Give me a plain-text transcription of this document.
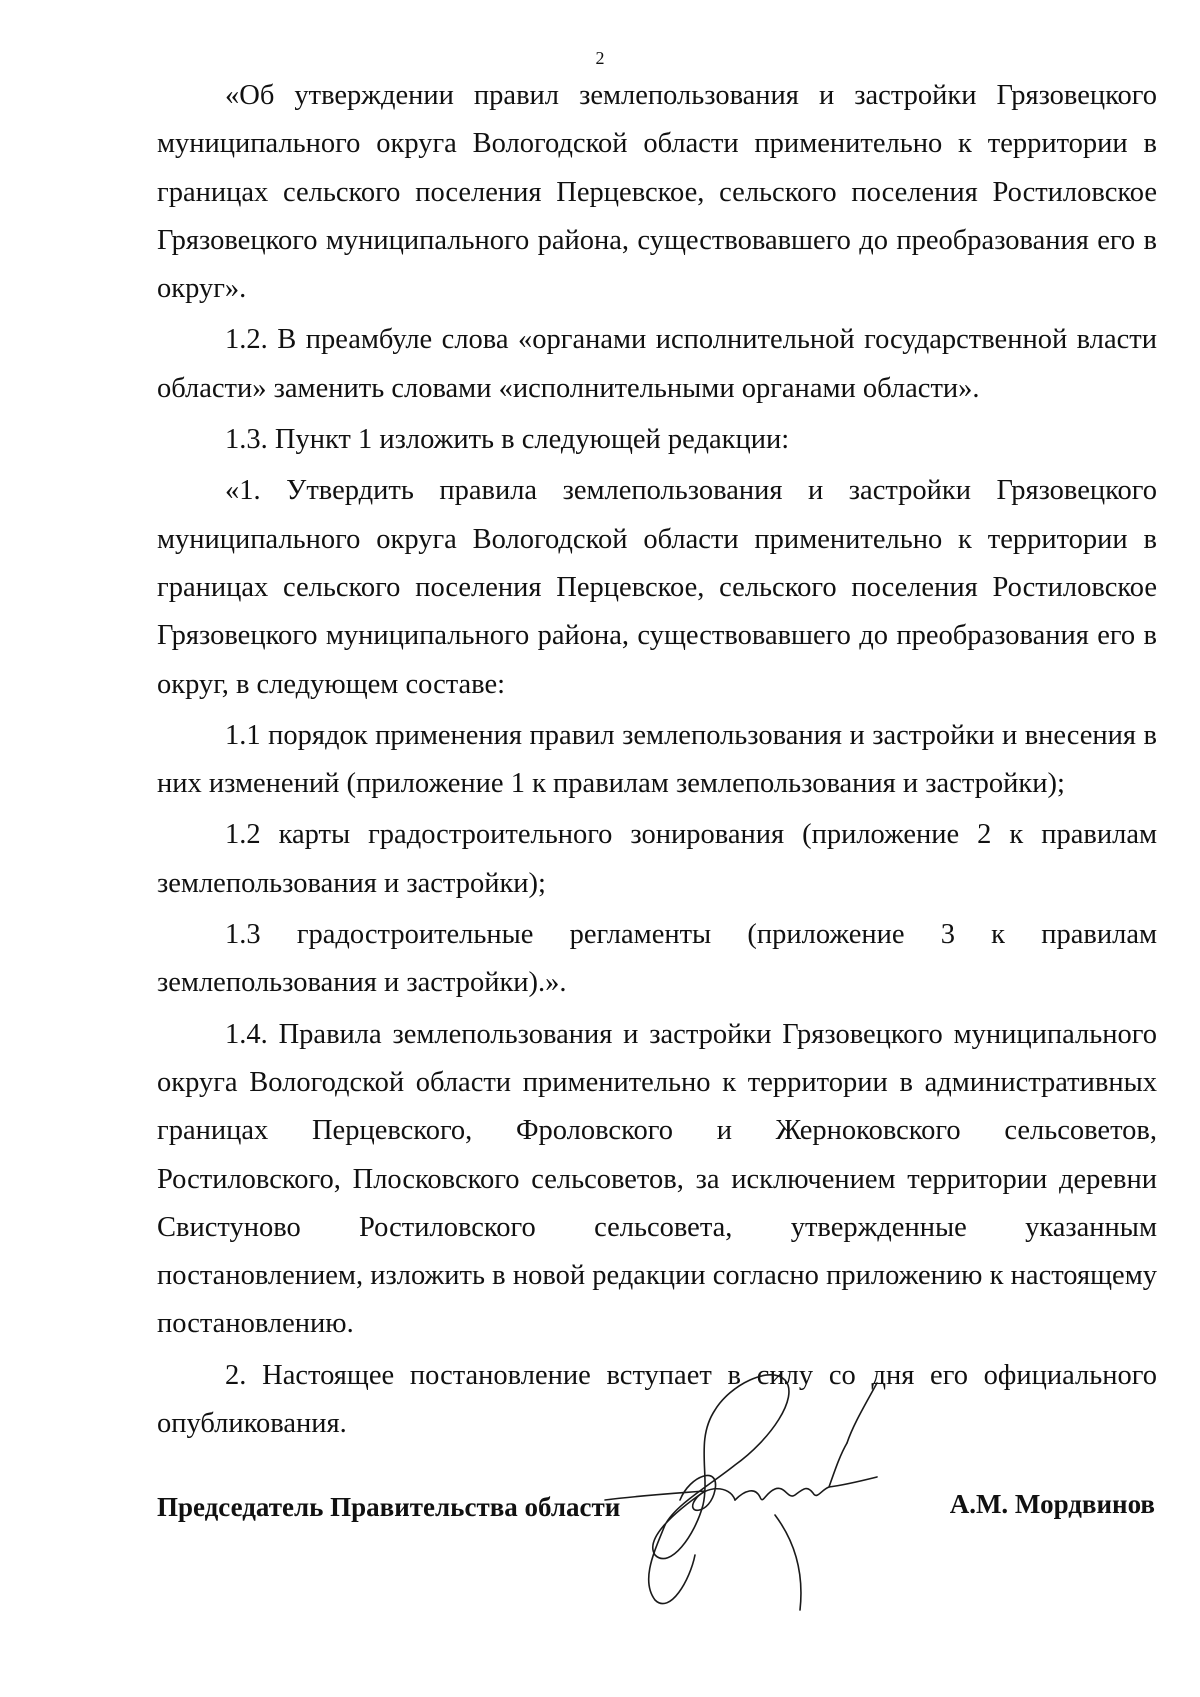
2

«Об утверждении правил землепользования и застройки Грязовецкого муниципального округа Вологодской области применительно к территории в границах сельского поселения Перцевское, сельского поселения Ростиловское Грязовецкого муниципального района, существовавшего до преобразования его в округ».

1.2. В преамбуле слова «органами исполнительной государственной власти области» заменить словами «исполнительными органами области».

1.3. Пункт 1 изложить в следующей редакции:

«1. Утвердить правила землепользования и застройки Грязовецкого муниципального округа Вологодской области применительно к территории в границах сельского поселения Перцевское, сельского поселения Ростиловское Грязовецкого муниципального района, существовавшего до преобразования его в округ, в следующем составе:

1.1 порядок применения правил землепользования и застройки и внесения в них изменений (приложение 1 к правилам землепользования и застройки);

1.2 карты градостроительного зонирования (приложение 2 к правилам землепользования и застройки);

1.3 градостроительные регламенты (приложение 3 к правилам землепользования и застройки).».

1.4. Правила землепользования и застройки Грязовецкого муниципального округа Вологодской области применительно к территории в административных границах Перцевского, Фроловского и Жерноковского сельсоветов, Ростиловского, Плосковского сельсоветов, за исключением территории деревни Свистуново Ростиловского сельсовета, утвержденные указанным постановлением, изложить в новой редакции согласно приложению к настоящему постановлению.

2. Настоящее постановление вступает в силу со дня его официального опубликования.

Председатель Правительства области	А.М. Мордвинов
